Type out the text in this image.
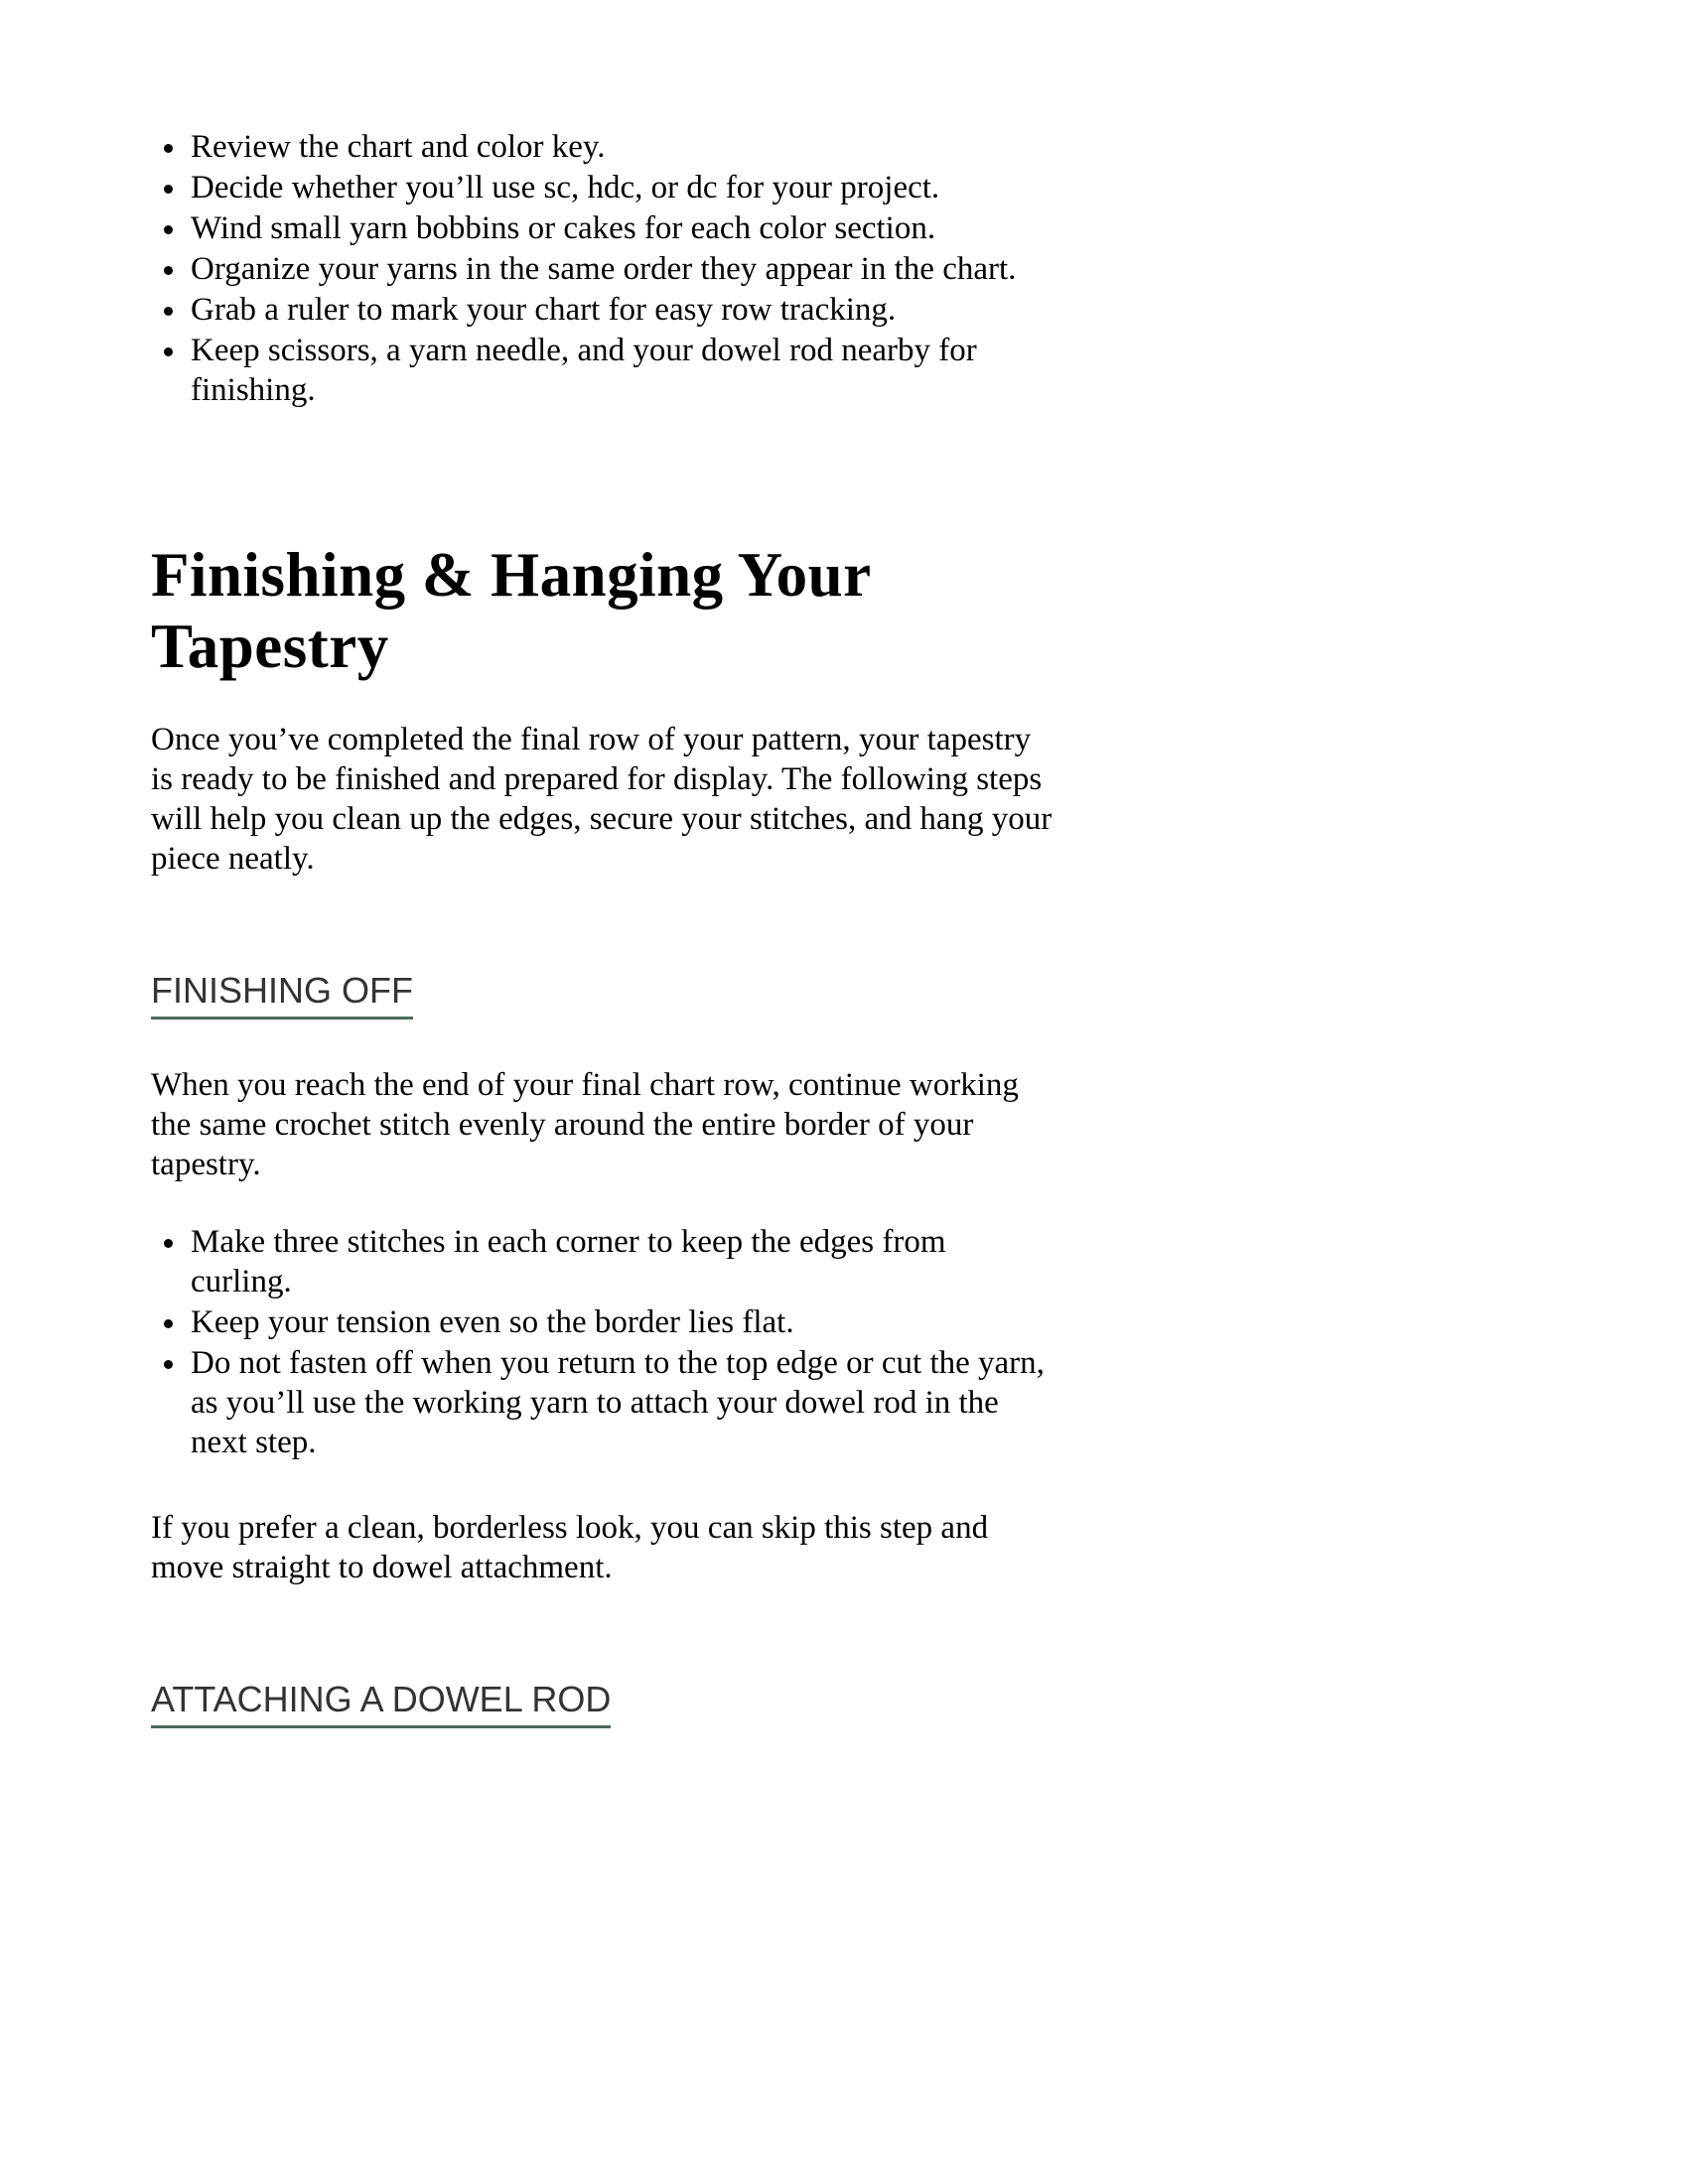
• Review the chart and color key.
• Decide whether you’ll use sc, hdc, or dc for your project.
• Wind small yarn bobbins or cakes for each color section.
• Organize your yarns in the same order they appear in the chart.
• Grab a ruler to mark your chart for easy row tracking.
• Keep scissors, a yarn needle, and your dowel rod nearby for finishing.
Finishing & Hanging Your Tapestry

Once you’ve completed the final row of your pattern, your tapestry is ready to be finished and prepared for display. The following steps will help you clean up the edges, secure your stitches, and hang your piece neatly.

FINISHING OFF

When you reach the end of your final chart row, continue working the same crochet stitch evenly around the entire border of your tapestry.

• Make three stitches in each corner to keep the edges from curling.
• Keep your tension even so the border lies flat.
• Do not fasten off when you return to the top edge or cut the yarn, as you’ll use the working yarn to attach your dowel rod in the next step.

If you prefer a clean, borderless look, you can skip this step and move straight to dowel attachment.

ATTACHING A DOWEL ROD
